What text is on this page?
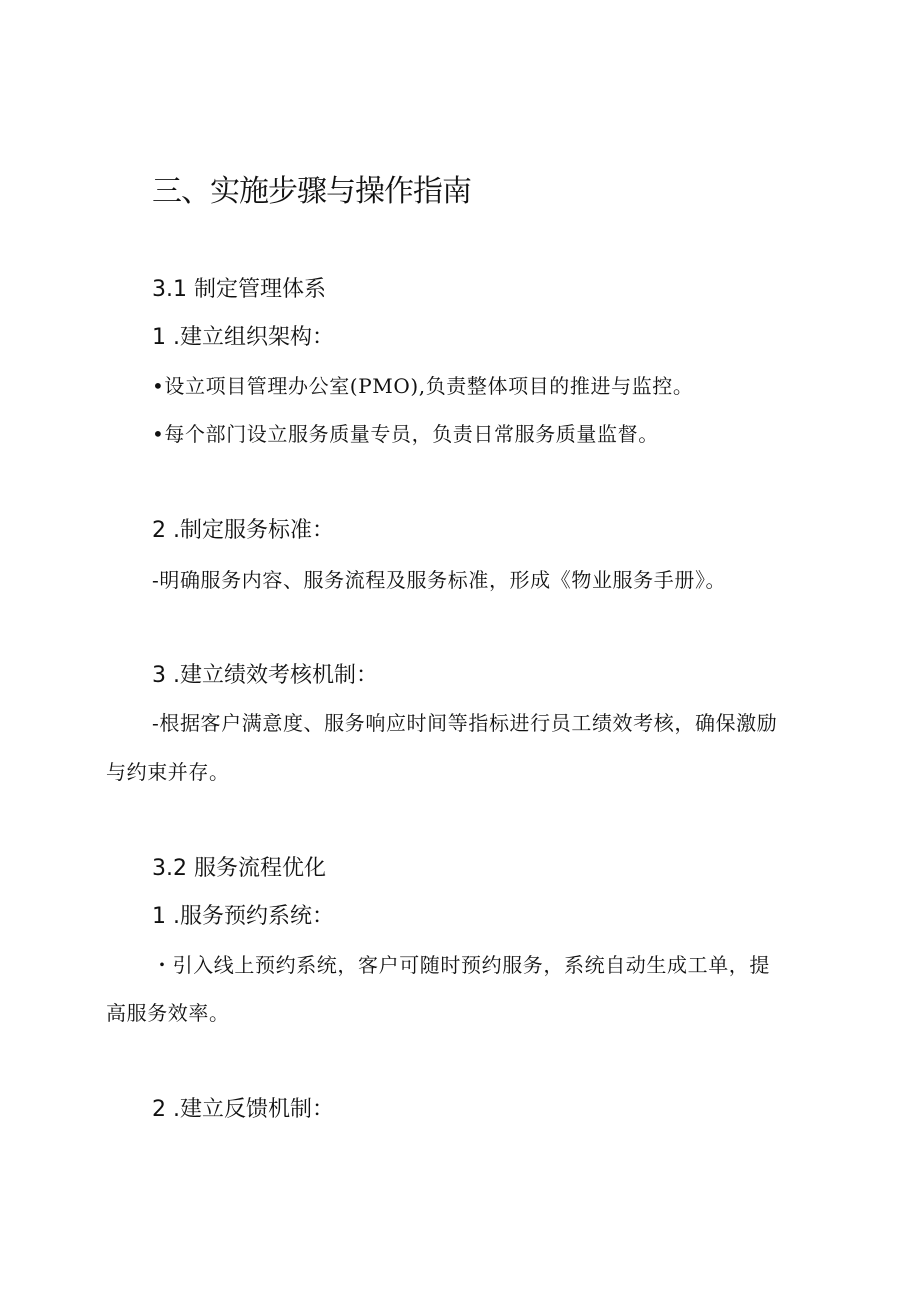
三、实施步骤与操作指南
3.1 制定管理体系
1 .建立组织架构：
•设立项目管理办公室(PMO),负责整体项目的推进与监控。
•每个部门设立服务质量专员，负责日常服务质量监督。
2 .制定服务标准：
-明确服务内容、服务流程及服务标准，形成《物业服务手册》。
3 .建立绩效考核机制：
-根据客户满意度、服务响应时间等指标进行员工绩效考核，确保激励
与约束并存。
3.2 服务流程优化
1 .服务预约系统：
・引入线上预约系统，客户可随时预约服务，系统自动生成工单，提
高服务效率。
2 .建立反馈机制：
